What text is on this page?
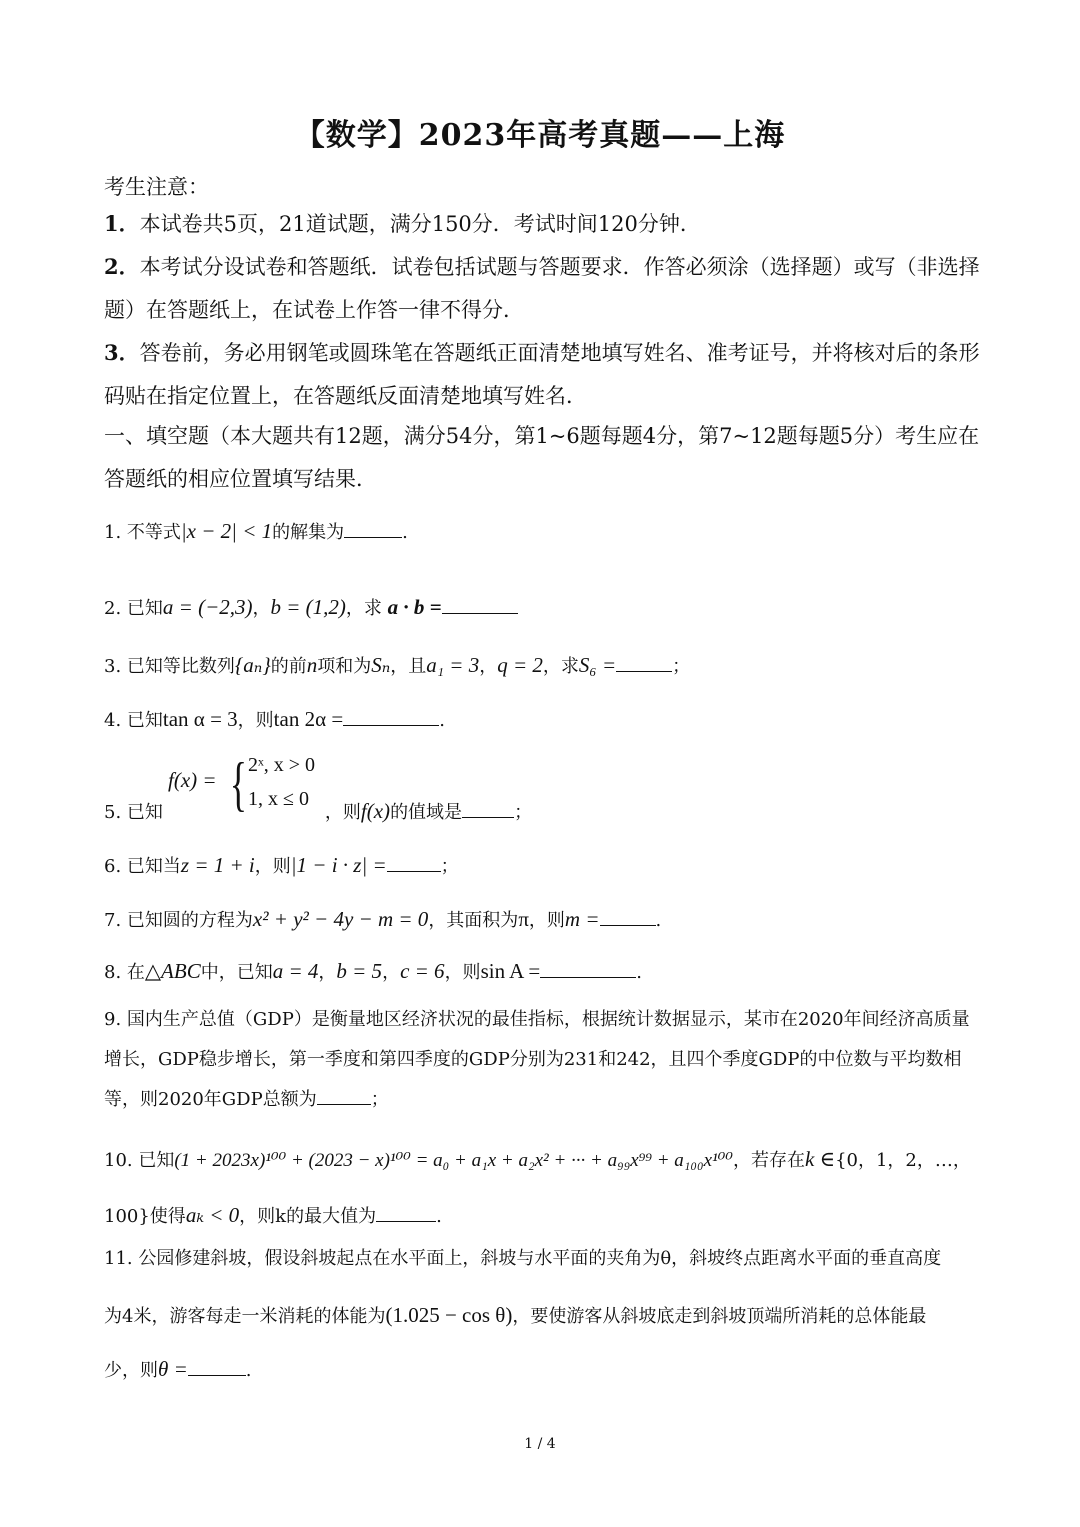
【数学】2023年高考真题——上海
考生注意：
1．本试卷共5页，21道试题，满分150分．考试时间120分钟．
2．本考试分设试卷和答题纸．试卷包括试题与答题要求．作答必须涂（选择题）或写（非选择题）在答题纸上，在试卷上作答一律不得分．
3．答卷前，务必用钢笔或圆珠笔在答题纸正面清楚地填写姓名、准考证号，并将核对后的条形码贴在指定位置上，在答题纸反面清楚地填写姓名．
一、填空题（本大题共有12题，满分54分，第1~6题每题4分，第7~12题每题5分）考生应在答题纸的相应位置填写结果．
1. 不等式|x − 2| < 1的解集为	.
2. 已知a = (−2,3)，b = (1,2)，求 a · b =
3. 已知等比数列{aₙ}的前n项和为Sₙ，且a₁ = 3，q = 2，求S₆ =	；
4. 已知tan α = 3，则tan 2α =	.
f(x) = { 2ˣ, x > 0
1, x ≤ 0
5. 已知	，则f(x)的值域是	；
6. 已知当z = 1 + i，则|1 − i · z| =	；
7. 已知圆的方程为x² + y² − 4y − m = 0，其面积为π，则m =	.
8. 在△ABC中，已知a = 4，b = 5，c = 6，则sin A =	.
9. 国内生产总值（GDP）是衡量地区经济状况的最佳指标，根据统计数据显示，某市在2020年间经济高质量增长，GDP稳步增长，第一季度和第四季度的GDP分别为231和242，且四个季度GDP的中位数与平均数相等，则2020年GDP总额为	；
10. 已知(1 + 2023x)¹⁰⁰ + (2023 − x)¹⁰⁰ = a₀ + a₁x + a₂x² + ··· + a₉₉x⁹⁹ + a₁₀₀x¹⁰⁰，若存在k ∈{0，1，2，…，
100}使得aₖ < 0，则k的最大值为	.
11. 公园修建斜坡，假设斜坡起点在水平面上，斜坡与水平面的夹角为θ，斜坡终点距离水平面的垂直高度
为4米，游客每走一米消耗的体能为(1.025 − cos θ)，要使游客从斜坡底走到斜坡顶端所消耗的总体能最
少，则θ =	.
1 / 4
